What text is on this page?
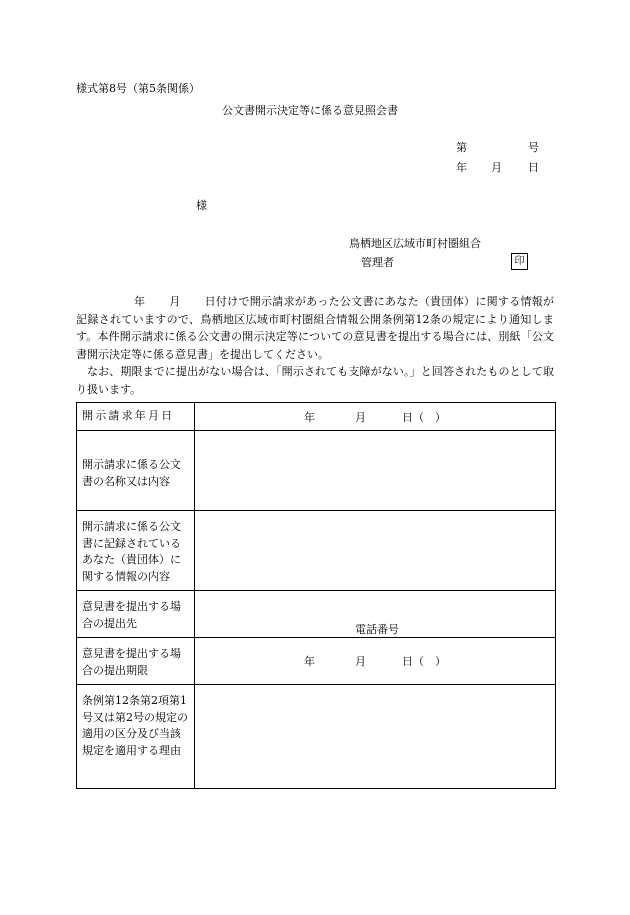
様式第8号（第5条関係）
公文書開示決定等に係る意見照会書
第	号
年 月 日
様
鳥栖地区広域市町村圏組合
管理者	印
年 月 日付けで開示請求があった公文書にあなた（貴団体）に関する情報が記録されていますので、鳥栖地区広域市町村圏組合情報公開条例第12条の規定により通知します。本件開示請求に係る公文書の開示決定等についての意見書を提出する場合には、別紙「公文書開示決定等に係る意見書」を提出してください。
なお、期限までに提出がない場合は、「開示されても支障がない。」と回答されたものとして取り扱います。
開示請求年月日	年 月 日（　）
開示請求に係る公文書の名称又は内容	
開示請求に係る公文書に記録されているあなた（貴団体）に関する情報の内容	
意見書を提出する場合の提出先	電話番号

意見書を提出する場合の提出期限	年 月 日（　）
条例第12条第2項第1号又は第2号の規定の適用の区分及び当該規定を適用する理由	
